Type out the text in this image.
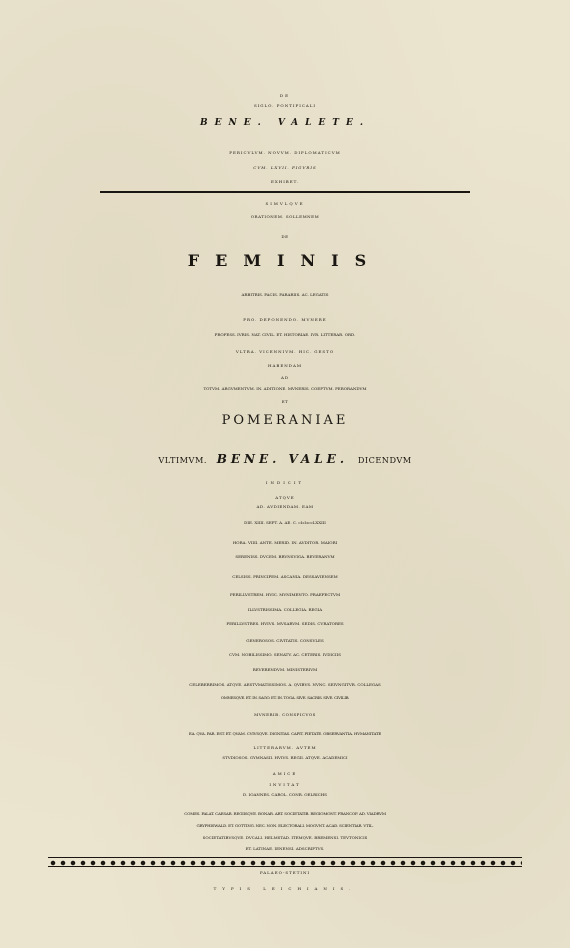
DE
SIGLO. PONTIFICALI
BENE. VALETE.
PERICVLVM. NOVVM. DIPLOMATICVM
CVM. LXVII. FIGVRIS
EXHIBET.
SIMVLQVE
ORATIONEM. SOLLEMNEM
DE
FEMINIS
ARBITRIS. PACIS. PARARIIS. AC. LEGATIS
PRO. DEPONENDO. MVNERE
PROFESS. IVRIS. NAT. CIVIL. ET. HISTORIAE. IVR. LITTERAR. ORD.
VLTRA. VICENNIVM. HIC. GESTO
HABENDAM
AD
TOTVM. ARGVMENTVM. IN. ADITIONE. MVNERIS. COEPTVM. PERORANDVM
ET
POMERANIAE
VLTIMVM. BENE. VALE. DICENDVM
INDICIT
ATQVE
AD. AVDIENDAM. EAM
DIE. XIIII. SEPT. A. AE. C. cIɔIɔccLXXIII
HORA. VIIII. ANTE. MERID. IN. AVDITOR. MAIORI
SERENISS. DVCEM. BRVNSVIGA. BEVERANVM
CELSISS. PRINCIPEM. ASCANIA. DESSAVIENSEM
PERILLVSTREM. HVIC. MVNIMENTO. PRAEFECTVM
ILLVSTRISSIMA. COLLEGIA. REGIA
PERILLVSTRES. HVIVS. MVSARVM. SEDIS. CVRATORES
GENEROSOS. CIVITATIS. CONSVLES
CVM. NOBILISSIMO. SENATV. AC. CETERIS. IVDICIIS
REVERENDVM. MINISTERIVM
CELEBERRIMOS. ATQVE. AESTVMATISSIMOS. A. QVIBVS. NVNC. SEIVNGITVR. COLLEGAS
OMNESQVE. ET. IN. SAGO. ET. IN. TOGA. SIVE. SACRIS. SIVE. CIVILIB.
MVNERIB. CONSPICVOS
EA. QVA. PAR. EST. ET. QVAM. CVIVSQVE. DIGNITAS. CAPIT. PIETATE. OBSERVANTIA. HVMANITATE
LITTERARVM. AVTEM
STVDIOSOS. GYMNASII. HVIVS. REGII. ATQVE. ACADEMICI
AMICE
INVITAT
D. IOANNES. CAROL. CONR. OELRICHS
COMES. PALAT. CAESAR. REGIISQVE. BONAR. ART. SOCIETATIB. REGIOMONT. FRANCOF. AD. VIADRVM
GRYPHISWALD. ET. GOTTING. NEC. NON. ELECTORALI. MOGVNT. ACAD. SCIENTIAR. VTIL.
SOCIETATIBVSQVE. DVCALI. HELMSTAD. ITEMQVE. BREMENSI. TEVTONICIS
ET. LATINAE. IENENSI. ADSCRIPTVS.
PALAEO-STETINI
TYPIS LEICHIANIS.
